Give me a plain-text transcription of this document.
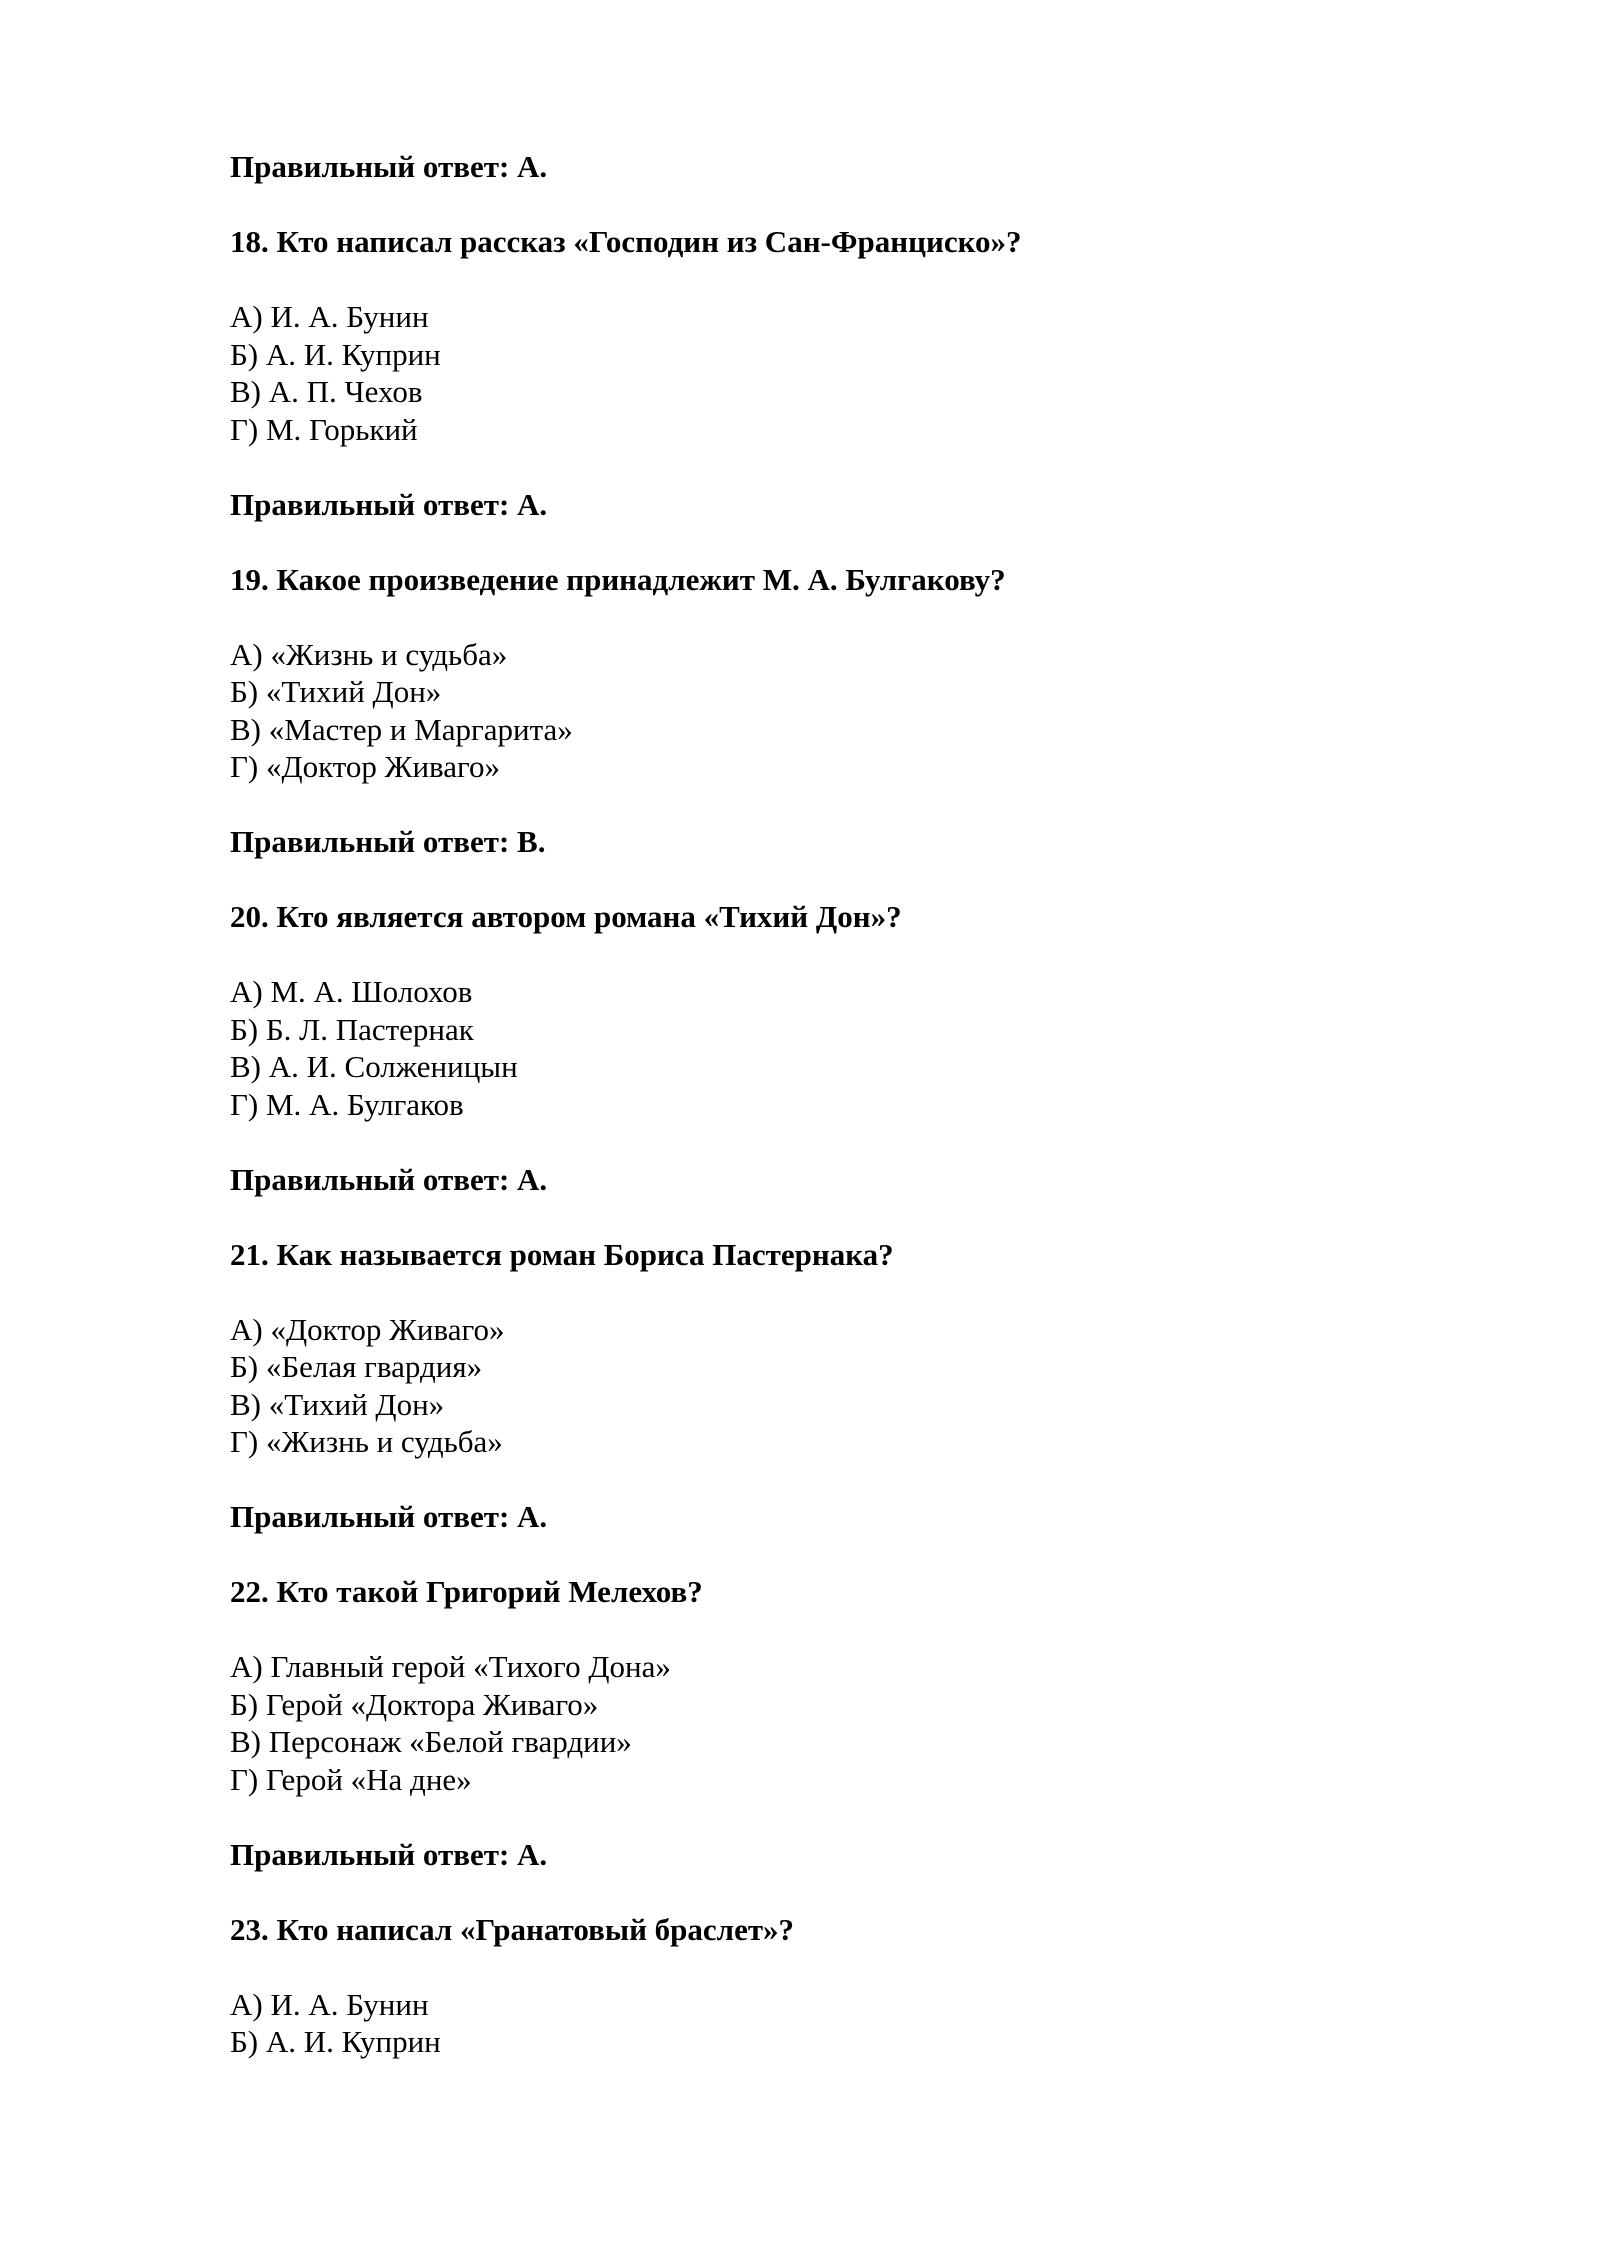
Правильный ответ: А.
18. Кто написал рассказ «Господин из Сан-Франциско»?
А) И. А. Бунин
Б) А. И. Куприн
В) А. П. Чехов
Г) М. Горький
Правильный ответ: А.
19. Какое произведение принадлежит М. А. Булгакову?
А) «Жизнь и судьба»
Б) «Тихий Дон»
В) «Мастер и Маргарита»
Г) «Доктор Живаго»
Правильный ответ: В.
20. Кто является автором романа «Тихий Дон»?
А) М. А. Шолохов
Б) Б. Л. Пастернак
В) А. И. Солженицын
Г) М. А. Булгаков
Правильный ответ: А.
21. Как называется роман Бориса Пастернака?
А) «Доктор Живаго»
Б) «Белая гвардия»
В) «Тихий Дон»
Г) «Жизнь и судьба»
Правильный ответ: А.
22. Кто такой Григорий Мелехов?
А) Главный герой «Тихого Дона»
Б) Герой «Доктора Живаго»
В) Персонаж «Белой гвардии»
Г) Герой «На дне»
Правильный ответ: А.
23. Кто написал «Гранатовый браслет»?
А) И. А. Бунин
Б) А. И. Куприн
